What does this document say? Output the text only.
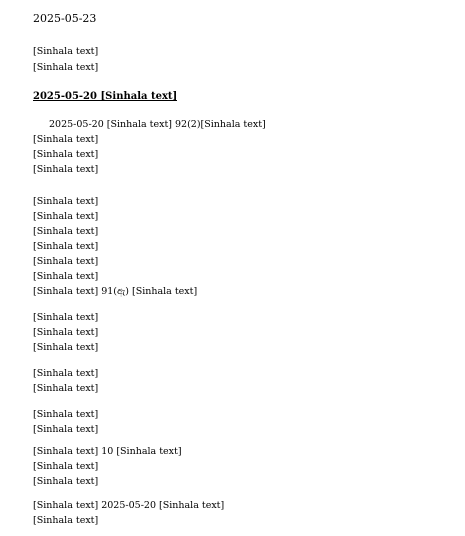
2025-05-23
[Sinhala text]
[Sinhala text]
2025-05-20 [Sinhala text]
2025-05-20 [Sinhala text] 92(2)[Sinhala text]
[Sinhala text]
[Sinhala text]
[Sinhala text]
[Sinhala text]
[Sinhala text]
[Sinhala text]
[Sinhala text]
[Sinhala text]
[Sinhala text]
[Sinhala text] 91(ඇ) [Sinhala text]
[Sinhala text]
[Sinhala text]
[Sinhala text]
[Sinhala text]
[Sinhala text]
[Sinhala text]
[Sinhala text]
[Sinhala text] 10 [Sinhala text]
[Sinhala text]
[Sinhala text]
[Sinhala text] 2025-05-20 [Sinhala text]
[Sinhala text]
